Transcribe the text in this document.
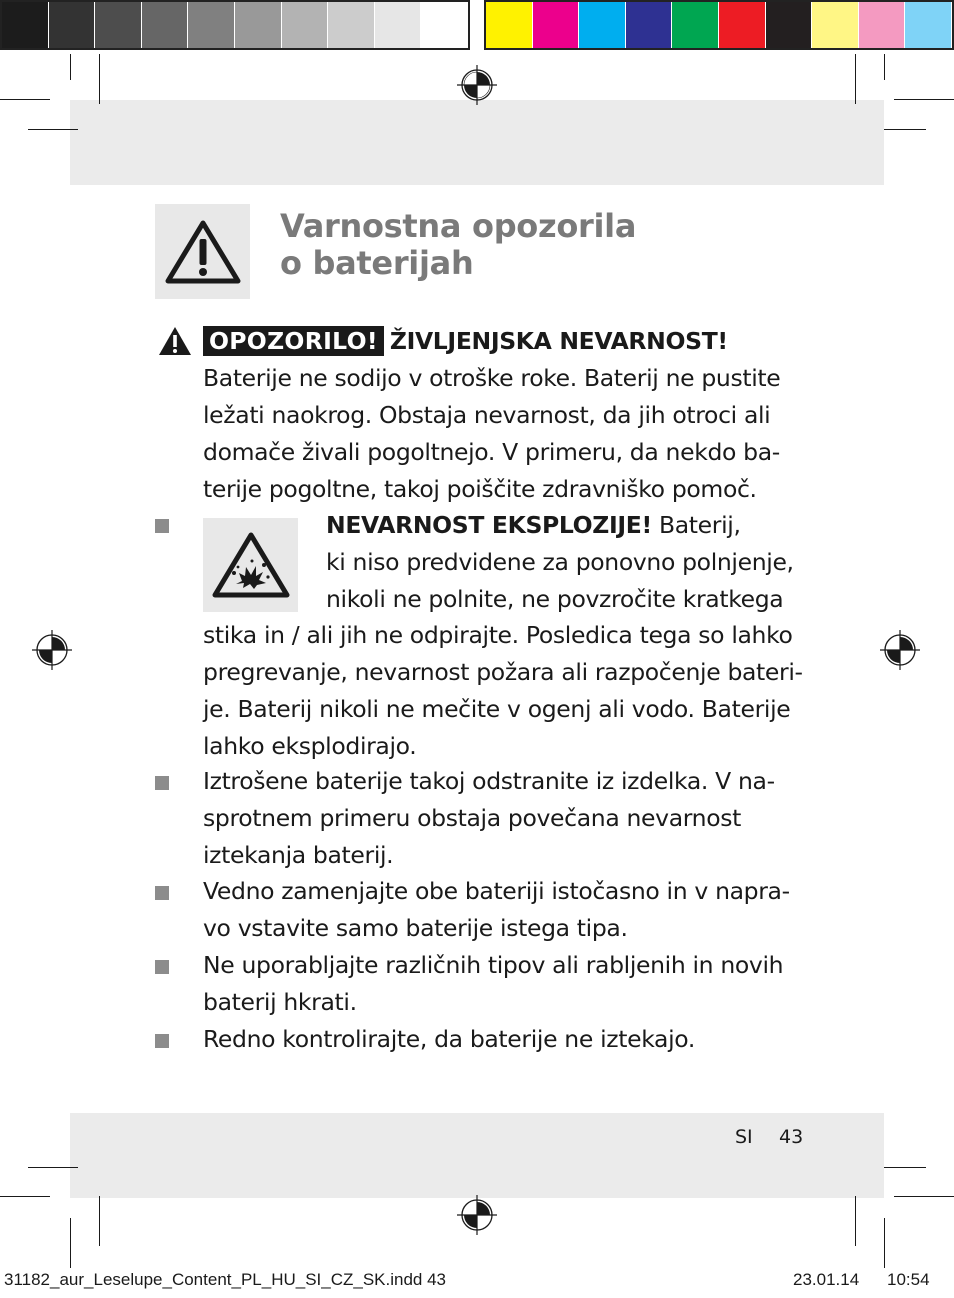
Varnostna opozorila
o baterijah
OPOZORILO! ŽIVLJENJSKA NEVARNOST!
Baterije ne sodijo v otroške roke. Baterij ne pustite
ležati naokrog. Obstaja nevarnost, da jih otroci ali
domače živali pogoltnejo. V primeru, da nekdo ba-
terije pogoltne, takoj poiščite zdravniško pomoč.
NEVARNOST EKSPLOZIJE! Baterij,
ki niso predvidene za ponovno polnjenje,
nikoli ne polnite, ne povzročite kratkega
stika in / ali jih ne odpirajte. Posledica tega so lahko
pregrevanje, nevarnost požara ali razpočenje bateri-
je. Baterij nikoli ne mečite v ogenj ali vodo. Baterije
lahko eksplodirajo.
Iztrošene baterije takoj odstranite iz izdelka. V na-
sprotnem primeru obstaja povečana nevarnost
iztekanja baterij.
Vedno zamenjajte obe bateriji istočasno in v napra-
vo vstavite samo baterije istega tipa.
Ne uporabljajte različnih tipov ali rabljenih in novih
baterij hkrati.
Redno kontrolirajte, da baterije ne iztekajo.
SI 43
31182_aur_Leselupe_Content_PL_HU_SI_CZ_SK.indd 43	23.01.14 10:54
